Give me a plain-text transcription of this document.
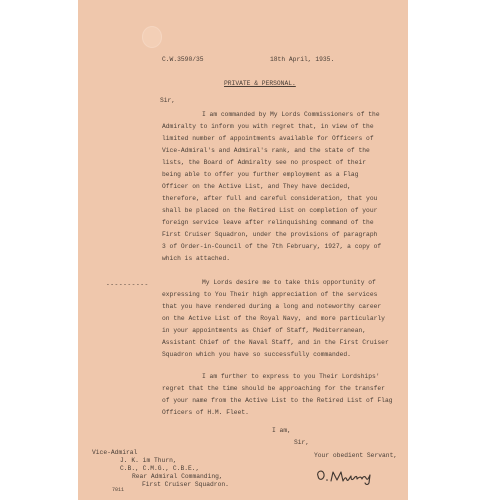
C.W.3590/35	18th April, 1935.
PRIVATE & PERSONAL.
Sir,
I am commanded by My Lords Commissioners of the
Admiralty to inform you with regret that, in view of the
limited number of appointments available for Officers of
Vice-Admiral's and Admiral's rank, and the state of the
lists, the Board of Admiralty see no prospect of their
being able to offer you further employment as a Flag
Officer on the Active List, and They have decided,
therefore, after full and careful consideration, that you
shall be placed on the Retired List on completion of your
foreign service leave after relinquishing command of the
First Cruiser Squadron, under the provisions of paragraph
3 of Order-in-Council of the 7th February, 1927, a copy of
which is attached.
----------	My Lords desire me to take this opportunity of
expressing to You Their high appreciation of the services
that you have rendered during a long and noteworthy career
on the Active List of the Royal Navy, and more particularly
in your appointments as Chief of Staff, Mediterranean,
Assistant Chief of the Naval Staff, and in the First Cruiser
Squadron which you have so successfully commanded.
I am further to express to you Their Lordships'
regret that the time should be approaching for the transfer
of your name from the Active List to the Retired List of Flag
Officers of H.M. Fleet.
I am,
Sir,
Your obedient Servant,
Vice-Admiral
J. K. im Thurn,
C.B., C.M.G., C.B.E.,
Rear Admiral Commanding,
First Cruiser Squadron.
7011
